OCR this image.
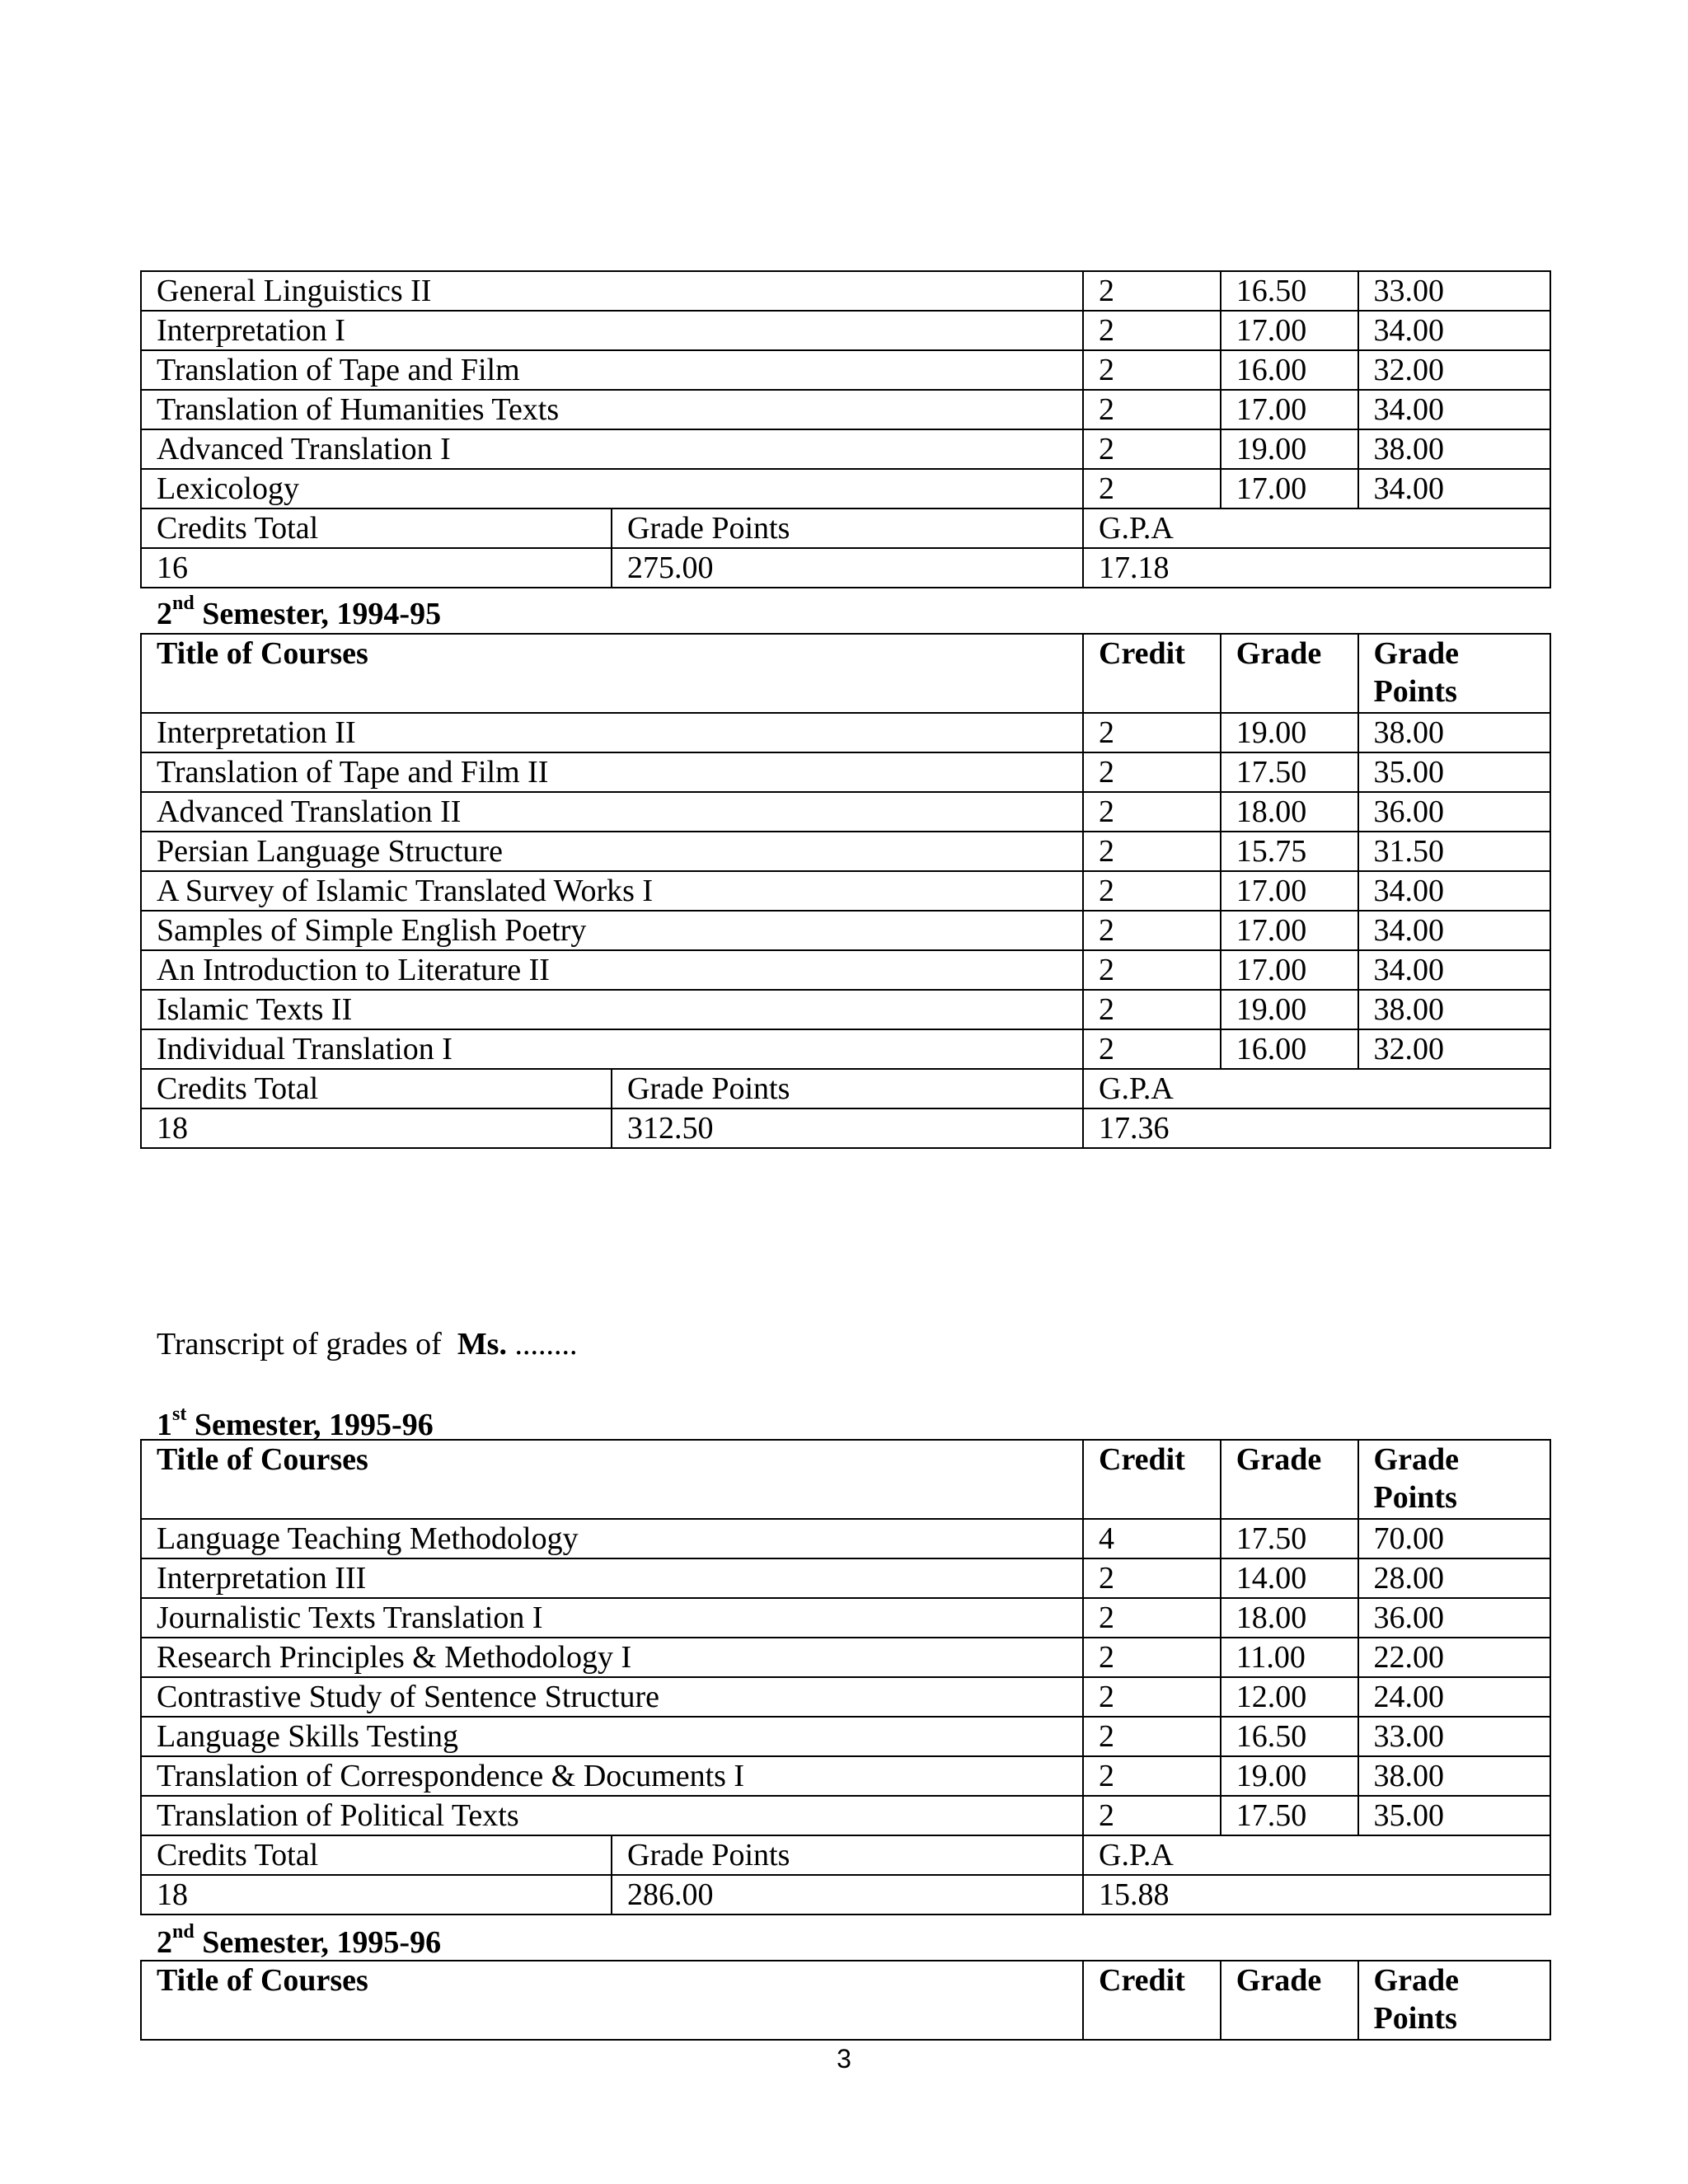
General Linguistics II		2	16.50	33.00
Interpretation I		2	17.00	34.00
Translation of Tape and Film		2	16.00	32.00
Translation of Humanities Texts		2	17.00	34.00
Advanced Translation I		2	19.00	38.00
Lexicology		2	17.00	34.00
Credits Total	Grade Points	G.P.A		
16	275.00	17.18		
2nd Semester, 1994-95
Title of Courses		Credit	Grade	Grade Points
Interpretation II		2	19.00	38.00
Translation of Tape and Film II		2	17.50	35.00
Advanced Translation II		2	18.00	36.00
Persian Language Structure		2	15.75	31.50
A Survey of Islamic Translated Works I		2	17.00	34.00
Samples of Simple English Poetry		2	17.00	34.00
An Introduction to Literature II		2	17.00	34.00
Islamic Texts II		2	19.00	38.00
Individual Translation I		2	16.00	32.00
Credits Total	Grade Points	G.P.A		
18	312.50	17.36		
Transcript of grades of  Ms. ........
1st Semester, 1995-96
Title of Courses		Credit	Grade	Grade Points
Language Teaching Methodology		4	17.50	70.00
Interpretation III		2	14.00	28.00
Journalistic Texts Translation I		2	18.00	36.00
Research Principles & Methodology I		2	11.00	22.00
Contrastive Study of Sentence Structure		2	12.00	24.00
Language Skills Testing		2	16.50	33.00
Translation of Correspondence & Documents I		2	19.00	38.00
Translation of Political Texts		2	17.50	35.00
Credits Total	Grade Points	G.P.A		
18	286.00	15.88		
2nd Semester, 1995-96
Title of Courses	Credit	Grade	Grade Points
3
